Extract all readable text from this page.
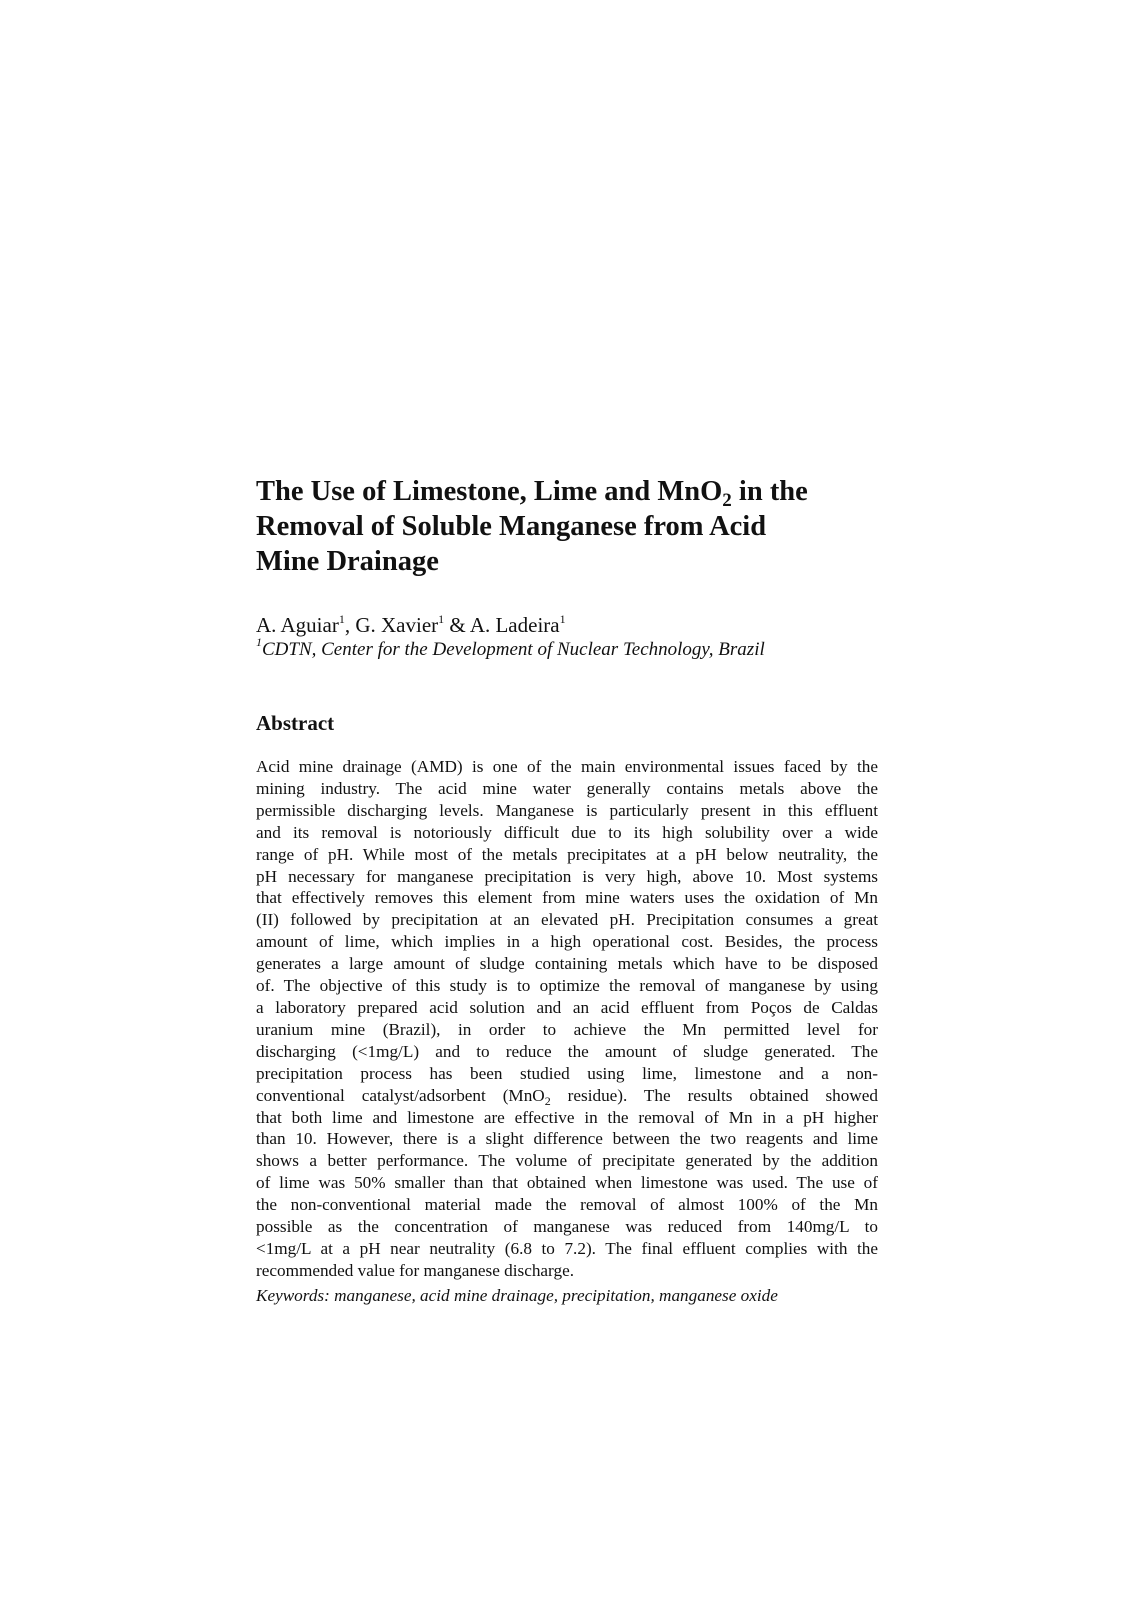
The Use of Limestone, Lime and MnO$_2$ in the
Removal of Soluble Manganese from Acid
Mine Drainage
A. Aguiar$^1$, G. Xavier$^1$ & A. Ladeira$^1$
$^1$CDTN, Center for the Development of Nuclear Technology, Brazil
Abstract
Acid mine drainage (AMD) is one of the main environmental issues faced by the
mining industry. The acid mine water generally contains metals above the
permissible discharging levels. Manganese is particularly present in this effluent
and its removal is notoriously difficult due to its high solubility over a wide
range of pH. While most of the metals precipitates at a pH below neutrality, the
pH necessary for manganese precipitation is very high, above 10. Most systems
that effectively removes this element from mine waters uses the oxidation of Mn
(II) followed by precipitation at an elevated pH. Precipitation consumes a great
amount of lime, which implies in a high operational cost. Besides, the process
generates a large amount of sludge containing metals which have to be disposed
of. The objective of this study is to optimize the removal of manganese by using
a laboratory prepared acid solution and an acid effluent from Poços de Caldas
uranium mine (Brazil), in order to achieve the Mn permitted level for
discharging (<1mg/L) and to reduce the amount of sludge generated. The
precipitation process has been studied using lime, limestone and a non-
conventional catalyst/adsorbent (MnO$_2$ residue). The results obtained showed
that both lime and limestone are effective in the removal of Mn in a pH higher
than 10. However, there is a slight difference between the two reagents and lime
shows a better performance. The volume of precipitate generated by the addition
of lime was 50% smaller than that obtained when limestone was used. The use of
the non-conventional material made the removal of almost 100% of the Mn
possible as the concentration of manganese was reduced from 140mg/L to
<1mg/L at a pH near neutrality (6.8 to 7.2). The final effluent complies with the
recommended value for manganese discharge.
Keywords: manganese, acid mine drainage, precipitation, manganese oxide
